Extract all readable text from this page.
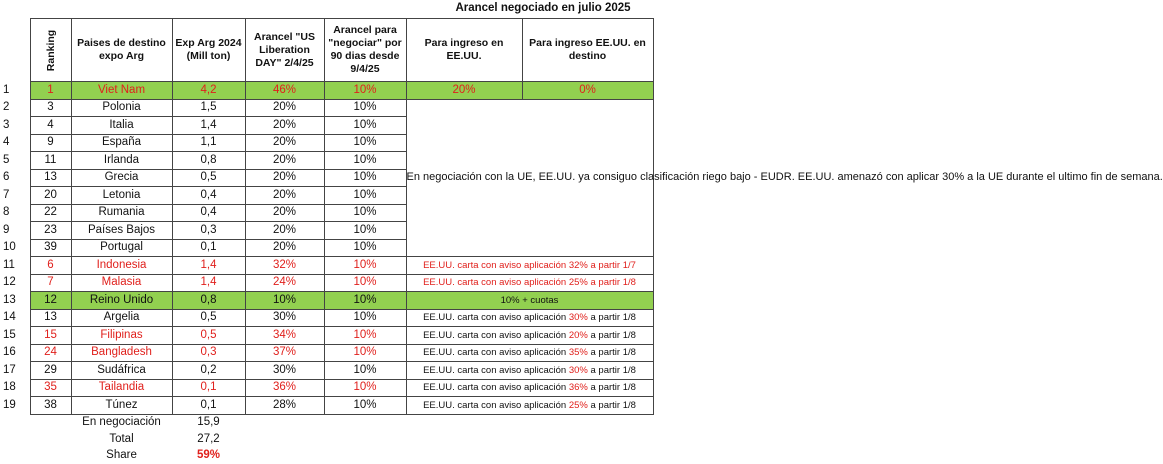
Arancel negociado en julio 2025
	Ranking	Paises de destino expo Arg	Exp Arg 2024 (Mill ton)	Arancel "US Liberation DAY" 2/4/25	Arancel para "negociar" por 90 dias desde 9/4/25	Para ingreso en EE.UU.	Para ingreso EE.UU. en destino
1	1	Viet Nam	4,2	46%	10%	20%	0%
2	3	Polonia	1,5	20%	10%	En negociación con la UE, EE.UU. ya consiguo clasificación riego bajo - EUDR. EE.UU. amenazó con aplicar 30% a la UE durante el ultimo fin de semana.	
3	4	Italia	1,4	20%	10%		
4	9	España	1,1	20%	10%		
5	11	Irlanda	0,8	20%	10%		
6	13	Grecia	0,5	20%	10%		
7	20	Letonia	0,4	20%	10%		
8	22	Rumania	0,4	20%	10%		
9	23	Países Bajos	0,3	20%	10%		
10	39	Portugal	0,1	20%	10%		
11	6	Indonesia	1,4	32%	10%	EE.UU. carta con aviso aplicación 32% a partir 1/7	
12	7	Malasia	1,4	24%	10%	EE.UU. carta con aviso aplicación 25% a partir 1/8	
13	12	Reino Unido	0,8	10%	10%	10% + cuotas	
14	13	Argelia	0,5	30%	10%	EE.UU. carta con aviso aplicación 30% a partir 1/8	
15	15	Filipinas	0,5	34%	10%	EE.UU. carta con aviso aplicación 20% a partir 1/8	
16	24	Bangladesh	0,3	37%	10%	EE.UU. carta con aviso aplicación 35% a partir 1/8	
17	29	Sudáfrica	0,2	30%	10%	EE.UU. carta con aviso aplicación 30% a partir 1/8	
18	35	Tailandia	0,1	36%	10%	EE.UU. carta con aviso aplicación 36% a partir 1/8	
19	38	Túnez	0,1	28%	10%	EE.UU. carta con aviso aplicación 25% a partir 1/8	
		En negociación	15,9				
		Total	27,2				
		Share	59%				
